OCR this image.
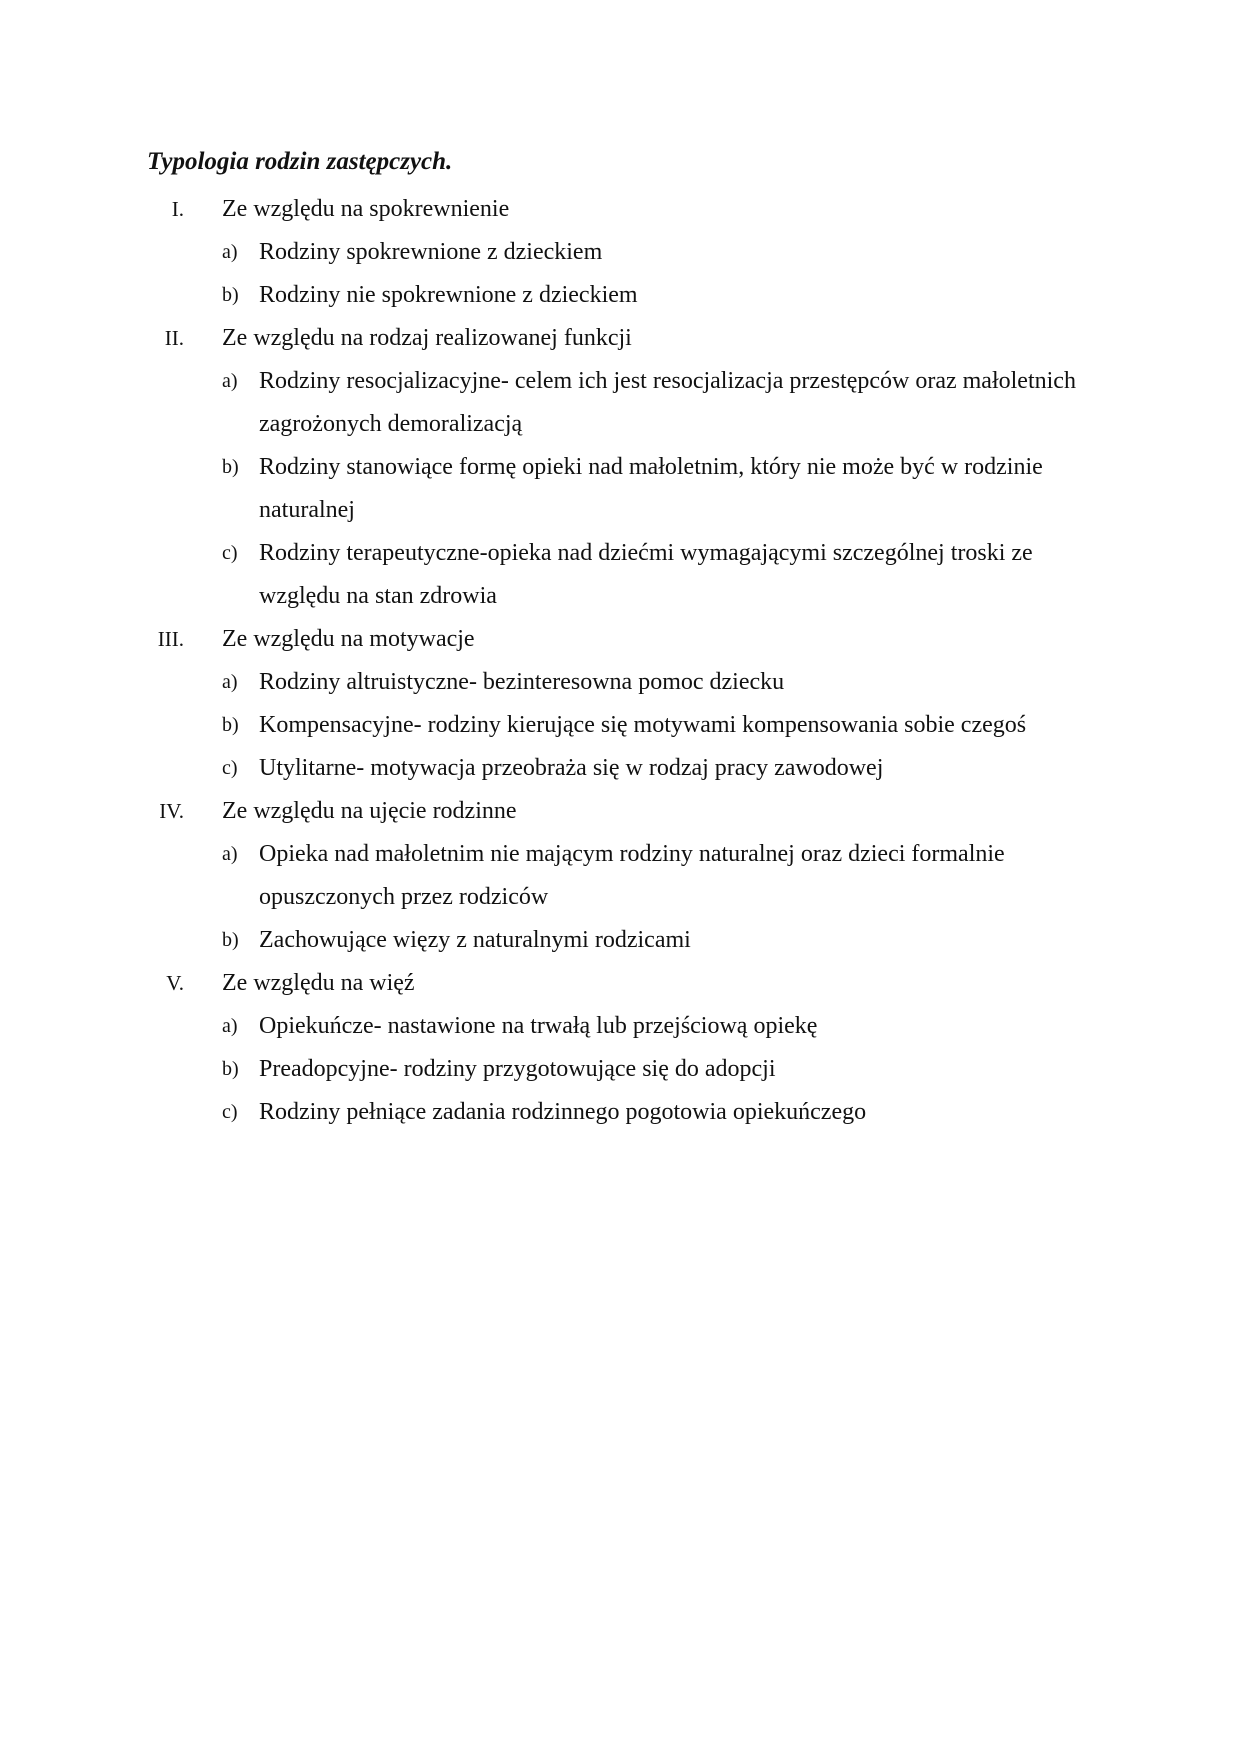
Typologia rodzin zastępczych.
I. Ze względu na spokrewnienie
a) Rodziny spokrewnione z dzieckiem
b) Rodziny nie spokrewnione z dzieckiem
II. Ze względu na rodzaj realizowanej funkcji
a) Rodziny resocjalizacyjne- celem ich jest resocjalizacja przestępców oraz małoletnich zagrożonych demoralizacją
b) Rodziny stanowiące formę opieki nad małoletnim, który nie może być w rodzinie naturalnej
c) Rodziny terapeutyczne-opieka nad dziećmi wymagającymi szczególnej troski ze względu na stan zdrowia
III. Ze względu na motywacje
a) Rodziny altruistyczne- bezinteresowna pomoc dziecku
b) Kompensacyjne- rodziny kierujące się motywami kompensowania sobie czegoś
c) Utylitarne- motywacja przeobraża się w rodzaj pracy zawodowej
IV. Ze względu na ujęcie rodzinne
a) Opieka nad małoletnim nie mającym rodziny naturalnej oraz dzieci formalnie opuszczonych przez rodziców
b) Zachowujące więzy z naturalnymi rodzicami
V. Ze względu na więź
a) Opiekuńcze- nastawione na trwałą lub przejściową opiekę
b) Preadopcyjne- rodziny przygotowujące się do adopcji
c) Rodziny pełniące zadania rodzinnego pogotowia opiekuńczego
